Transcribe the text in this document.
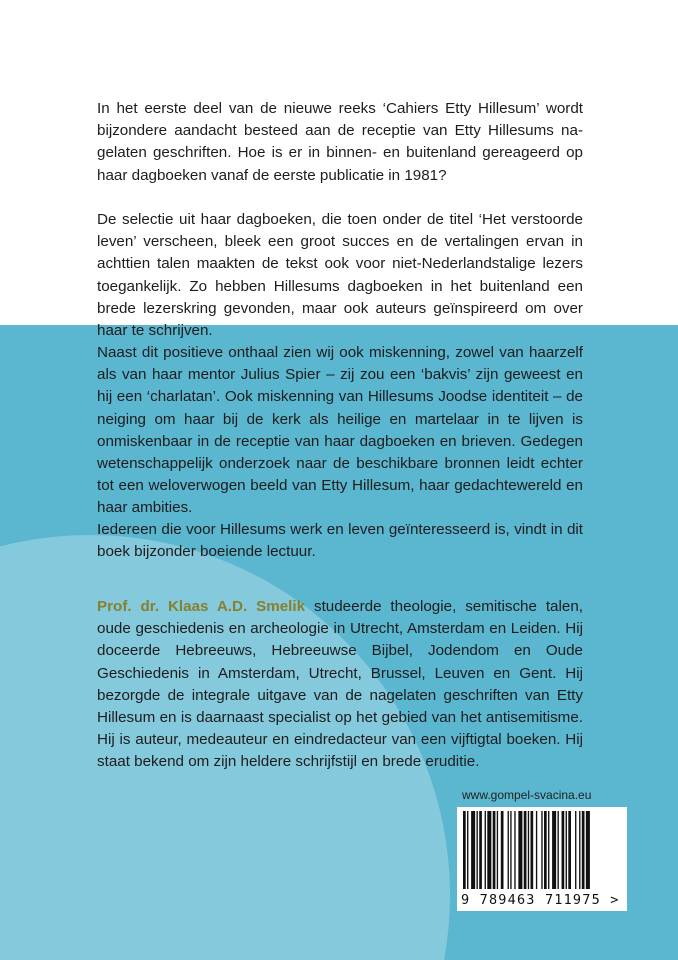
In het eerste deel van de nieuwe reeks ‘Cahiers Etty Hillesum’ wordt bijzondere aandacht besteed aan de receptie van Etty Hillesums nagelaten geschriften. Hoe is er in binnen- en buitenland gereageerd op haar dagboeken vanaf de eerste publicatie in 1981?

De selectie uit haar dagboeken, die toen onder de titel ‘Het verstoorde leven’ verscheen, bleek een groot succes en de vertalingen ervan in achttien talen maakten de tekst ook voor niet-Nederlandstalige lezers toegankelijk. Zo hebben Hillesums dagboeken in het buitenland een brede lezerskring gevonden, maar ook auteurs geïnspireerd om over haar te schrijven.

Naast dit positieve onthaal zien wij ook miskenning, zowel van haarzelf als van haar mentor Julius Spier – zij zou een ‘bakvis’ zijn geweest en hij een ‘charlatan’. Ook miskenning van Hillesums Joodse identiteit – de neiging om haar bij de kerk als heilige en martelaar in te lijven is onmiskenbaar in de receptie van haar dagboeken en brieven. Gedegen wetenschappelijk onderzoek naar de beschikbare bronnen leidt echter tot een weloverwogen beeld van Etty Hillesum, haar gedachtewereld en haar ambities.

Iedereen die voor Hillesums werk en leven geïnteresseerd is, vindt in dit boek bijzonder boeiende lectuur.

Prof. dr. Klaas A.D. Smelik studeerde theologie, semitische talen, oude geschiedenis en archeologie in Utrecht, Amsterdam en Leiden. Hij doceerde Hebreeuws, Hebreeuwse Bijbel, Jodendom en Oude Geschiedenis in Amsterdam, Utrecht, Brussel, Leuven en Gent. Hij bezorgde de integrale uitgave van de nagelaten geschriften van Etty Hillesum en is daarnaast specialist op het gebied van het antisemitisme. Hij is auteur, medeauteur en eindredacteur van een vijftigtal boeken. Hij staat bekend om zijn heldere schrijfstijl en brede eruditie.

www.gompel-svacina.eu
9 789463 711975 >
